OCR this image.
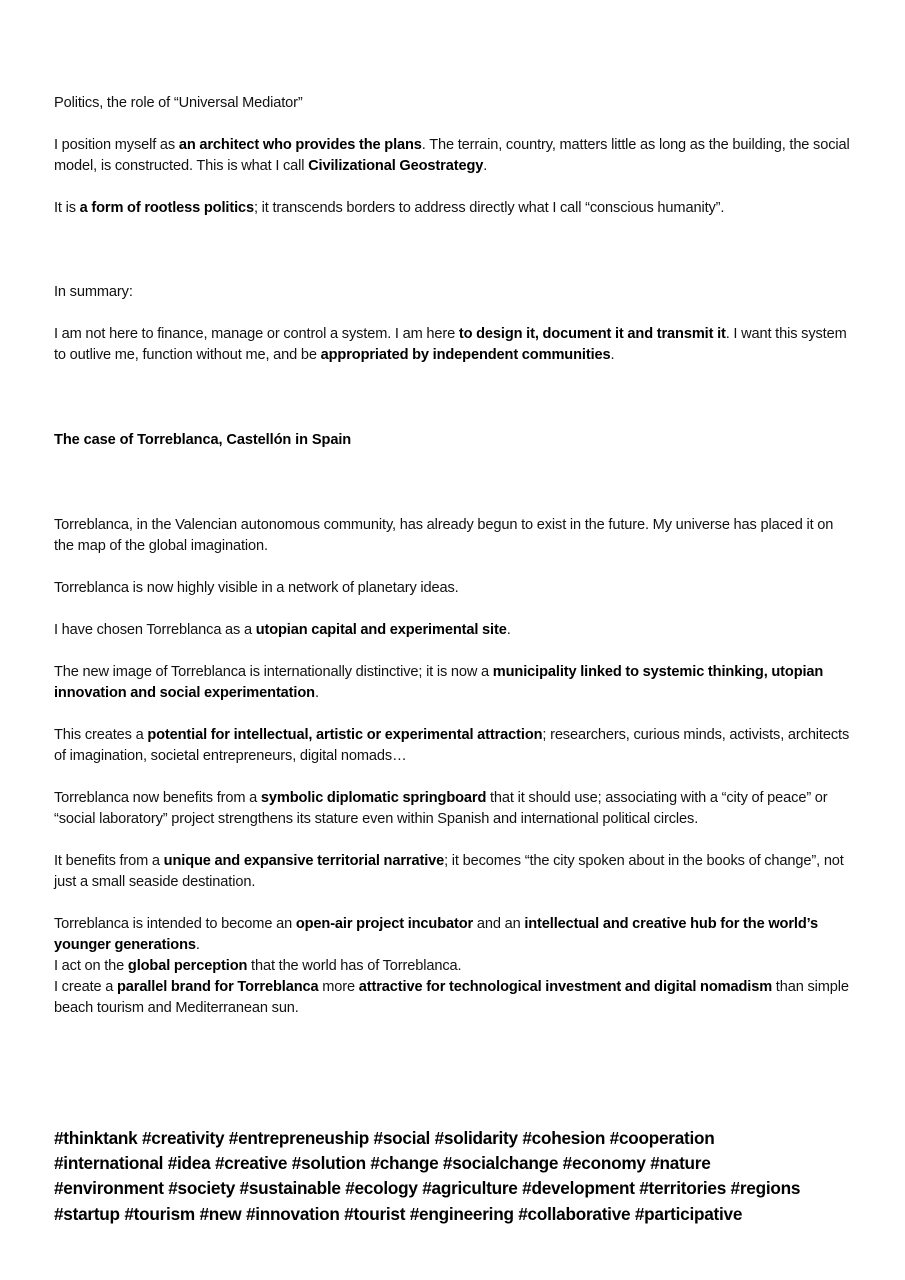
Politics, the role of “Universal Mediator”

I position myself as an architect who provides the plans. The terrain, country, matters little as long as the building, the social model, is constructed. This is what I call Civilizational Geostrategy.

It is a form of rootless politics; it transcends borders to address directly what I call “conscious humanity”.

In summary:

I am not here to finance, manage or control a system. I am here to design it, document it and transmit it. I want this system to outlive me, function without me, and be appropriated by independent communities.

The case of Torreblanca, Castellón in Spain

Torreblanca, in the Valencian autonomous community, has already begun to exist in the future. My universe has placed it on the map of the global imagination.

Torreblanca is now highly visible in a network of planetary ideas.

I have chosen Torreblanca as a utopian capital and experimental site.

The new image of Torreblanca is internationally distinctive; it is now a municipality linked to systemic thinking, utopian innovation and social experimentation.

This creates a potential for intellectual, artistic or experimental attraction; researchers, curious minds, activists, architects of imagination, societal entrepreneurs, digital nomads…

Torreblanca now benefits from a symbolic diplomatic springboard that it should use; associating with a “city of peace” or “social laboratory” project strengthens its stature even within Spanish and international political circles.

It benefits from a unique and expansive territorial narrative; it becomes “the city spoken about in the books of change”, not just a small seaside destination.

Torreblanca is intended to become an open-air project incubator and an intellectual and creative hub for the world’s younger generations.
I act on the global perception that the world has of Torreblanca.
I create a parallel brand for Torreblanca more attractive for technological investment and digital nomadism than simple beach tourism and Mediterranean sun.

#thinktank #creativity #entrepreneuship #social #solidarity #cohesion #cooperation
#international #idea #creative #solution #change #socialchange #economy #nature
#environment #society #sustainable #ecology #agriculture #development #territories #regions
#startup #tourism #new #innovation #tourist #engineering #collaborative #participative
